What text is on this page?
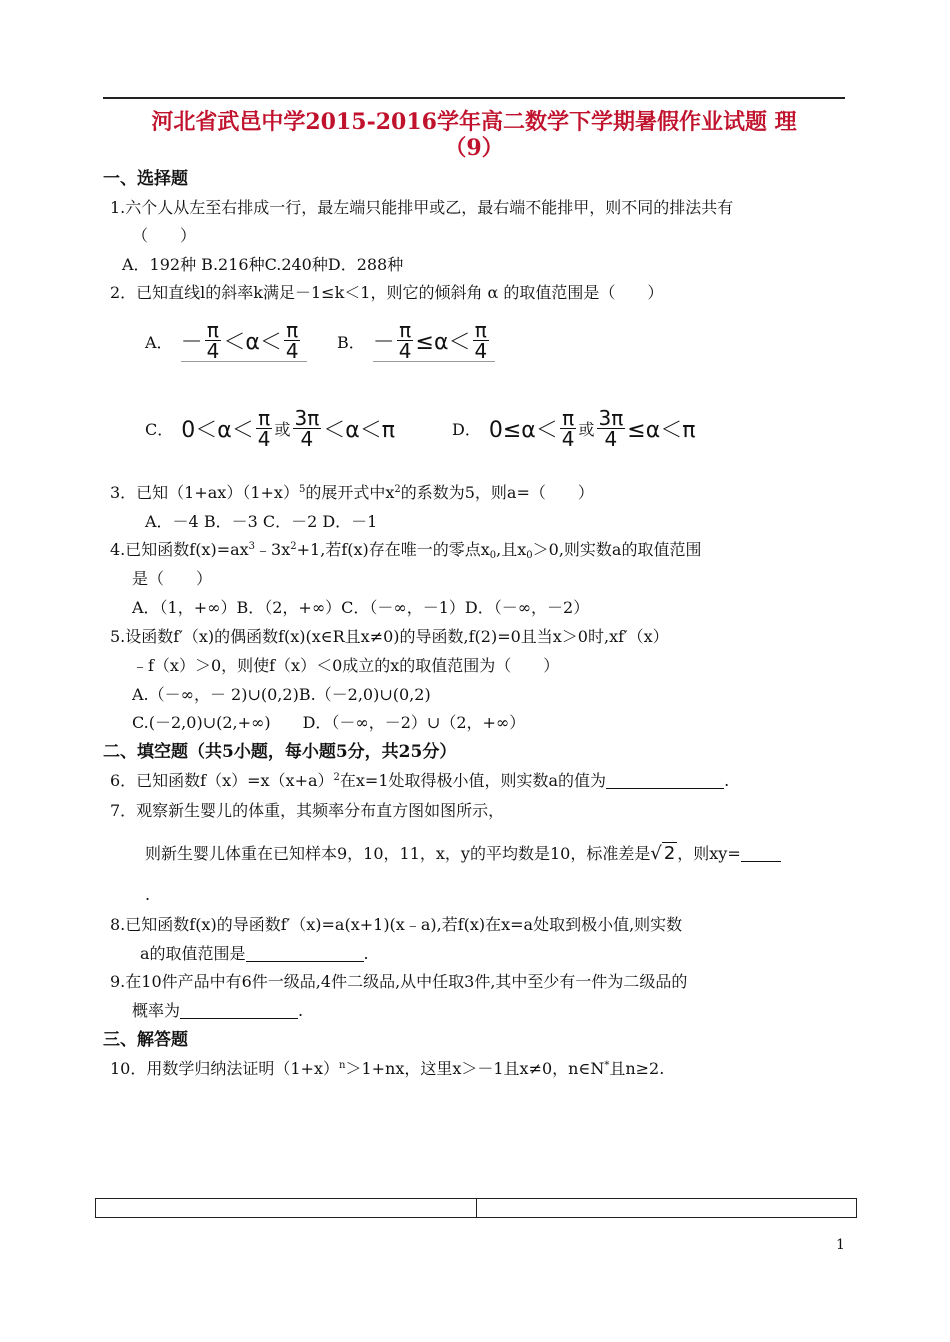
河北省武邑中学2015-2016学年高二数学下学期暑假作业试题 理
（9）
一、选择题
1.六个人从左至右排成一行，最左端只能排甲或乙，最右端不能排甲，则不同的排法共有
（　　）
A．192种 B.216种C.240种D．288种
2．已知直线l的斜率k满足－1≤k＜1，则它的倾斜角 α 的取值范围是（　　）
A． － $\frac{\pi}{4} <\alpha< \frac{\pi}{4}$ B． － $\frac{\pi}{4} \le\alpha< \frac{\pi}{4}$
C． $0<\alpha< \frac{\pi}{4}$ 或 $\frac{3\pi}{4} <\alpha<\pi$	D． $0\le\alpha< \frac{\pi}{4}$ 或 $\frac{3\pi}{4} \le\alpha<\pi$
3．已知$(1+ax)(1+x)^5$的展开式中$x^2$的系数为5，则a=（　　）
A．－4 B．－3 C．－2 D．－1
4.已知函数$f(x)=ax^3﹣3x^2+1$,若f(x)存在唯一的零点$x_0$,且$x_0>0$,则实数a的取值范围
是（　　）
A．（1，+∞）B．（2，+∞）C．（－∞，－1）D．（－∞，－2）
5.设函数f′（x)的偶函数f(x)(x∈R且x≠0)的导函数,f(2)=0且当x＞0时,xf′（x）
﹣f（x）＞0，则使f（x）＜0成立的x的取值范围为（　　）
A.（－∞，－ 2)∪(0,2)B.（－2,0)∪(0,2)
C.(－2,0)∪(2,+∞)　　D．（－∞，－2）∪（2，+∞）
二、填空题（共5小题，每小题5分，共25分）
6．已知函数$f(x)=x(x+a)^2$在x=1处取得极小值，则实数a的值为	.
7．观察新生婴儿的体重，其频率分布直方图如图所示，
则新生婴儿体重在已知样本9，10，11，x，y的平均数是10，标准差是√ 2 ，则xy=
.
8.已知函数f(x)的导函数f′（x)=a(x+1)(x﹣a),若f(x)在x=a处取到极小值,则实数
a的取值范围是	.
9.在10件产品中有6件一级品,4件二级品,从中任取3件,其中至少有一件为二级品的
概率为	.
三、解答题
10．用数学归纳法证明$(1+x)^n>1+nx$，这里x＞－1且x≠0，n∈N*且n≥2.
1
